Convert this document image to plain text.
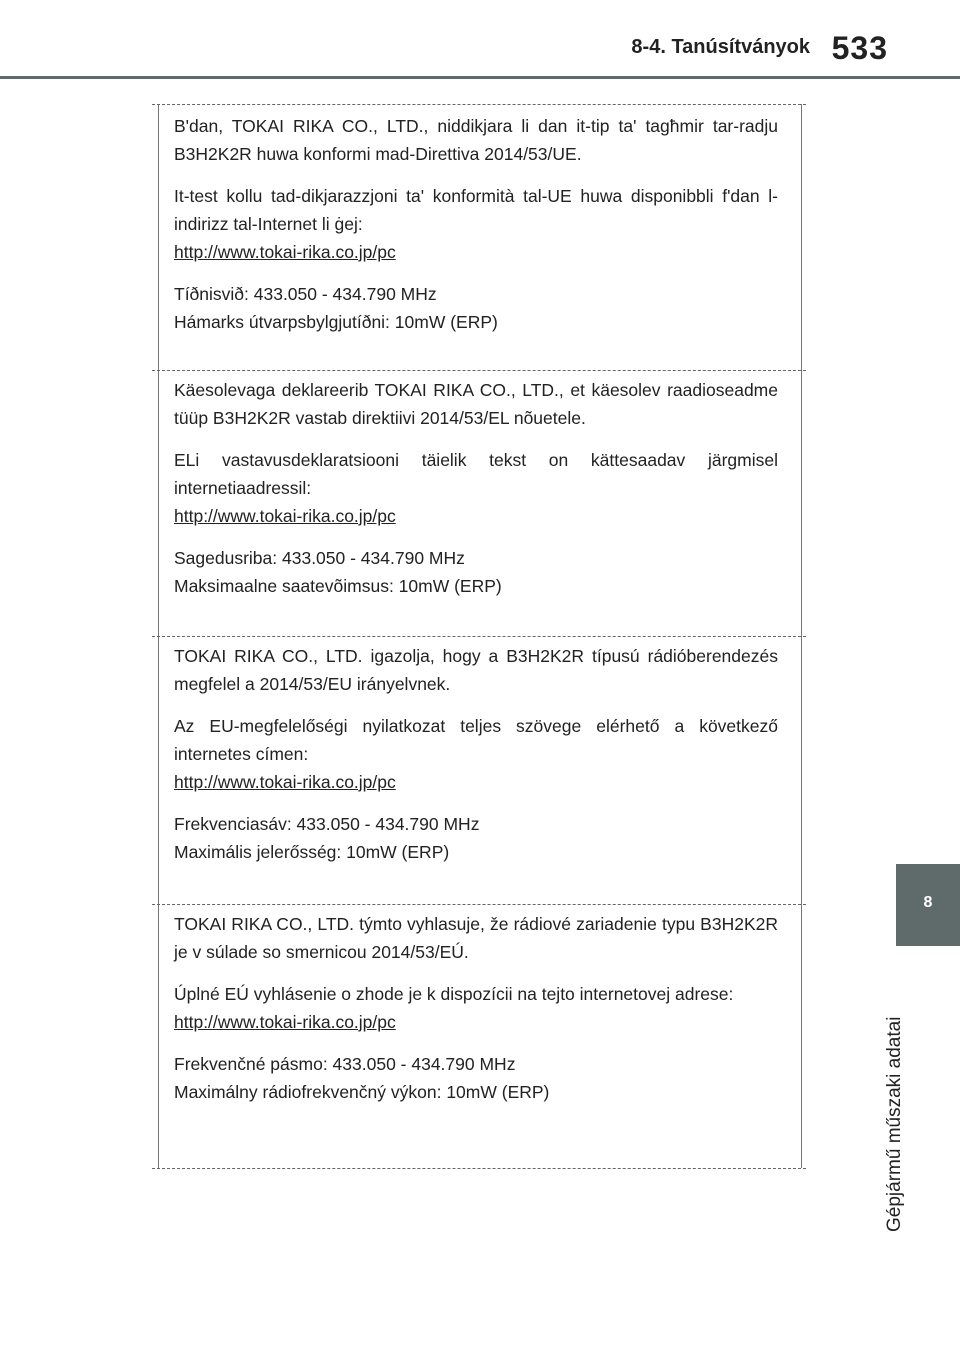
8-4. Tanúsítványok 533

B'dan, TOKAI RIKA CO., LTD., niddikjara li dan it-tip ta' tagħmir tar-radju B3H2K2R huwa konformi mad-Direttiva 2014/53/UE.

It-test kollu tad-dikjarazzjoni ta' konformità tal-UE huwa disponibbli f'dan l-indirizz tal-Internet li ġej:

http://www.tokai-rika.co.jp/pc

Tíðnisvið: 433.050 - 434.790 MHz

Hámarks útvarpsbylgjutíðni: 10mW (ERP)

Käesolevaga deklareerib TOKAI RIKA CO., LTD., et käesolev raadioseadme tüüp B3H2K2R vastab direktiivi 2014/53/EL nõuetele.

ELi vastavusdeklaratsiooni täielik tekst on kättesaadav järgmisel internetiaadressil:

http://www.tokai-rika.co.jp/pc

Sagedusriba: 433.050 - 434.790 MHz

Maksimaalne saatevõimsus: 10mW (ERP)

TOKAI RIKA CO., LTD. igazolja, hogy a B3H2K2R típusú rádióberendezés megfelel a 2014/53/EU irányelvnek.

Az EU-megfelelőségi nyilatkozat teljes szövege elérhető a következő internetes címen:

http://www.tokai-rika.co.jp/pc

Frekvenciasáv: 433.050 - 434.790 MHz

Maximális jelerősség: 10mW (ERP)

TOKAI RIKA CO., LTD. týmto vyhlasuje, že rádiové zariadenie typu B3H2K2R je v súlade so smernicou 2014/53/EÚ.

Úplné EÚ vyhlásenie o zhode je k dispozícii na tejto internetovej adrese:

http://www.tokai-rika.co.jp/pc

Frekvenčné pásmo: 433.050 - 434.790 MHz

Maximálny rádiofrekvenčný výkon: 10mW (ERP)

8
Gépjármű műszaki adatai
